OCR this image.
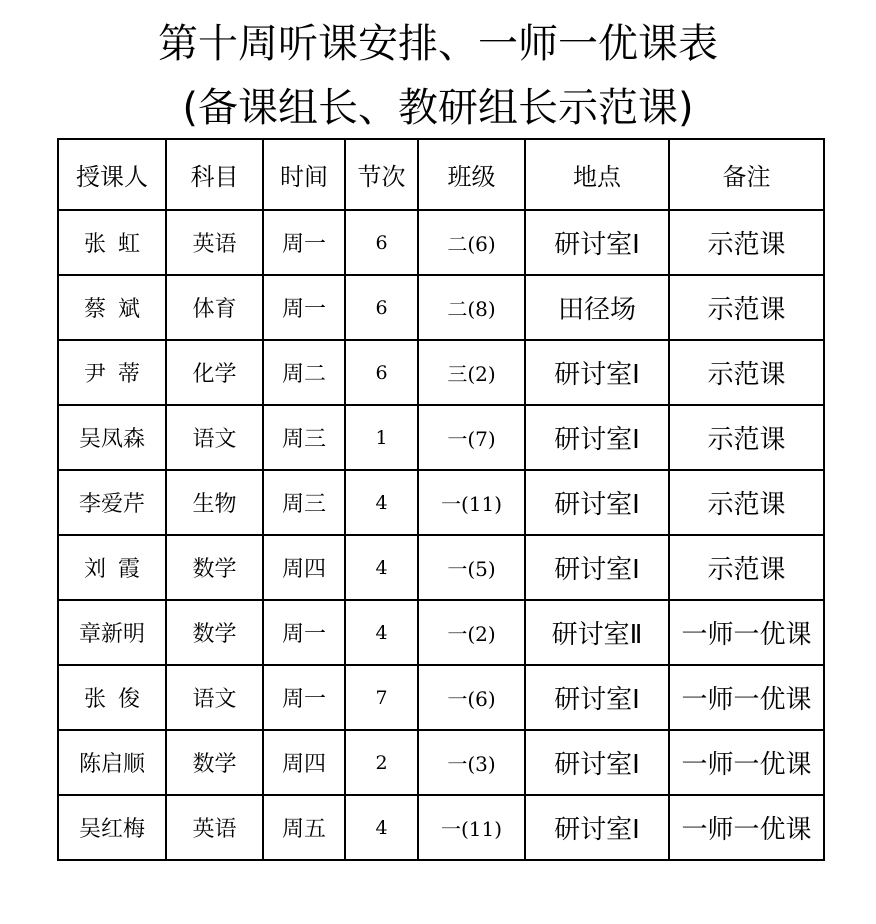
第十周听课安排、一师一优课表
(备课组长、教研组长示范课)
授课人	科目	时间	节次	班级	地点	备注
张虹	英语	周一	6	二(6)	研讨室I	示范课
蔡斌	体育	周一	6	二(8)	田径场	示范课
尹蒂	化学	周二	6	三(2)	研讨室I	示范课
吴凤森	语文	周三	1	一(7)	研讨室I	示范课
李爱芹	生物	周三	4	一(11)	研讨室I	示范课
刘霞	数学	周四	4	一(5)	研讨室I	示范课
章新明	数学	周一	4	一(2)	研讨室Ⅱ	一师一优课
张俊	语文	周一	7	一(6)	研讨室I	一师一优课
陈启顺	数学	周四	2	一(3)	研讨室I	一师一优课
吴红梅	英语	周五	4	一(11)	研讨室I	一师一优课
